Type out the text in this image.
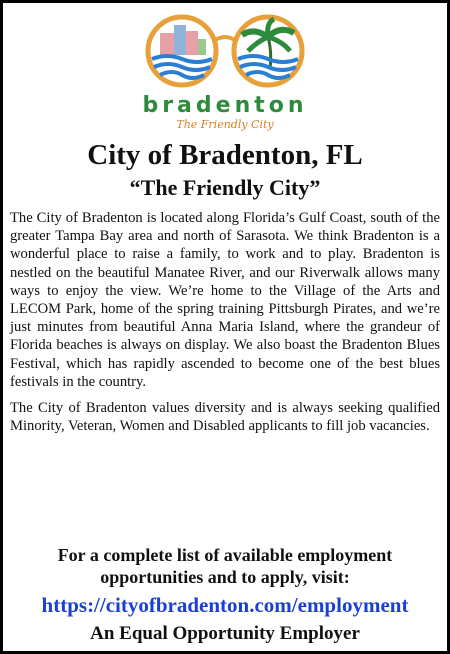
bradenton
The Friendly City
City of Bradenton, FL
“The Friendly City”

The City of Bradenton is located along Florida’s Gulf Coast, south of the greater Tampa Bay area and north of Sarasota. We think Bradenton is a wonderful place to raise a family, to work and to play. Bradenton is nestled on the beautiful Manatee River, and our Riverwalk allows many ways to enjoy the view. We’re home to the Village of the Arts and LECOM Park, home of the spring training Pittsburgh Pirates, and we’re just minutes from beautiful Anna Maria Island, where the grandeur of Florida beaches is always on display. We also boast the Bradenton Blues Festival, which has rapidly ascended to become one of the best blues festivals in the country.

The City of Bradenton values diversity and is always seeking qualified Minority, Veteran, Women and Disabled applicants to fill job vacancies.

For a complete list of available employment
opportunities and to apply, visit:
https://cityofbradenton.com/employment
An Equal Opportunity Employer
